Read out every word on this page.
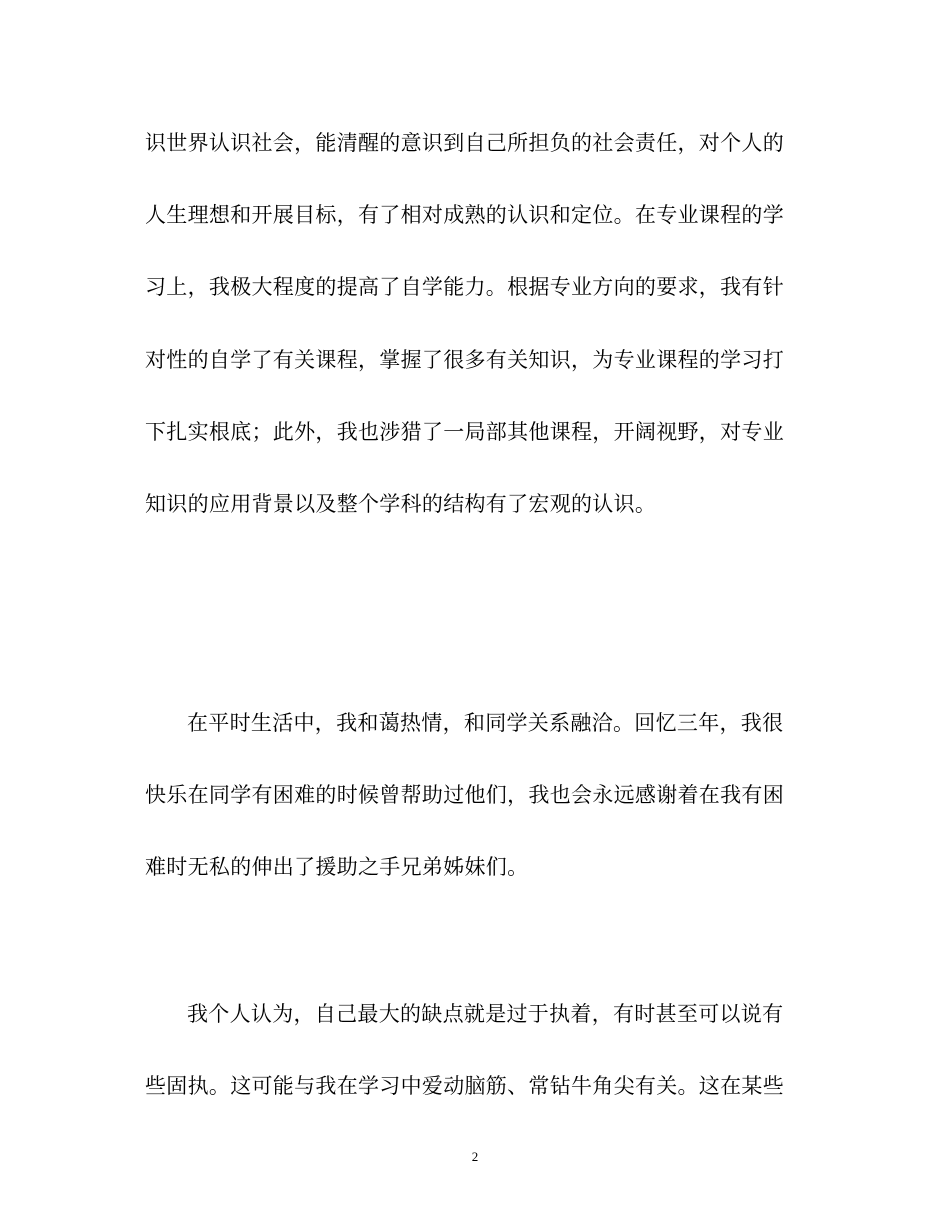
识世界认识社会，能清醒的意识到自己所担负的社会责任，对个人的
人生理想和开展目标，有了相对成熟的认识和定位。在专业课程的学
习上，我极大程度的提高了自学能力。根据专业方向的要求，我有针
对性的自学了有关课程，掌握了很多有关知识，为专业课程的学习打
下扎实根底；此外，我也涉猎了一局部其他课程，开阔视野，对专业
知识的应用背景以及整个学科的结构有了宏观的认识。
在平时生活中，我和蔼热情，和同学关系融洽。回忆三年，我很
快乐在同学有困难的时候曾帮助过他们，我也会永远感谢着在我有困
难时无私的伸出了援助之手兄弟姊妹们。
我个人认为，自己最大的缺点就是过于执着，有时甚至可以说有
些固执。这可能与我在学习中爱动脑筋、常钻牛角尖有关。这在某些
2
